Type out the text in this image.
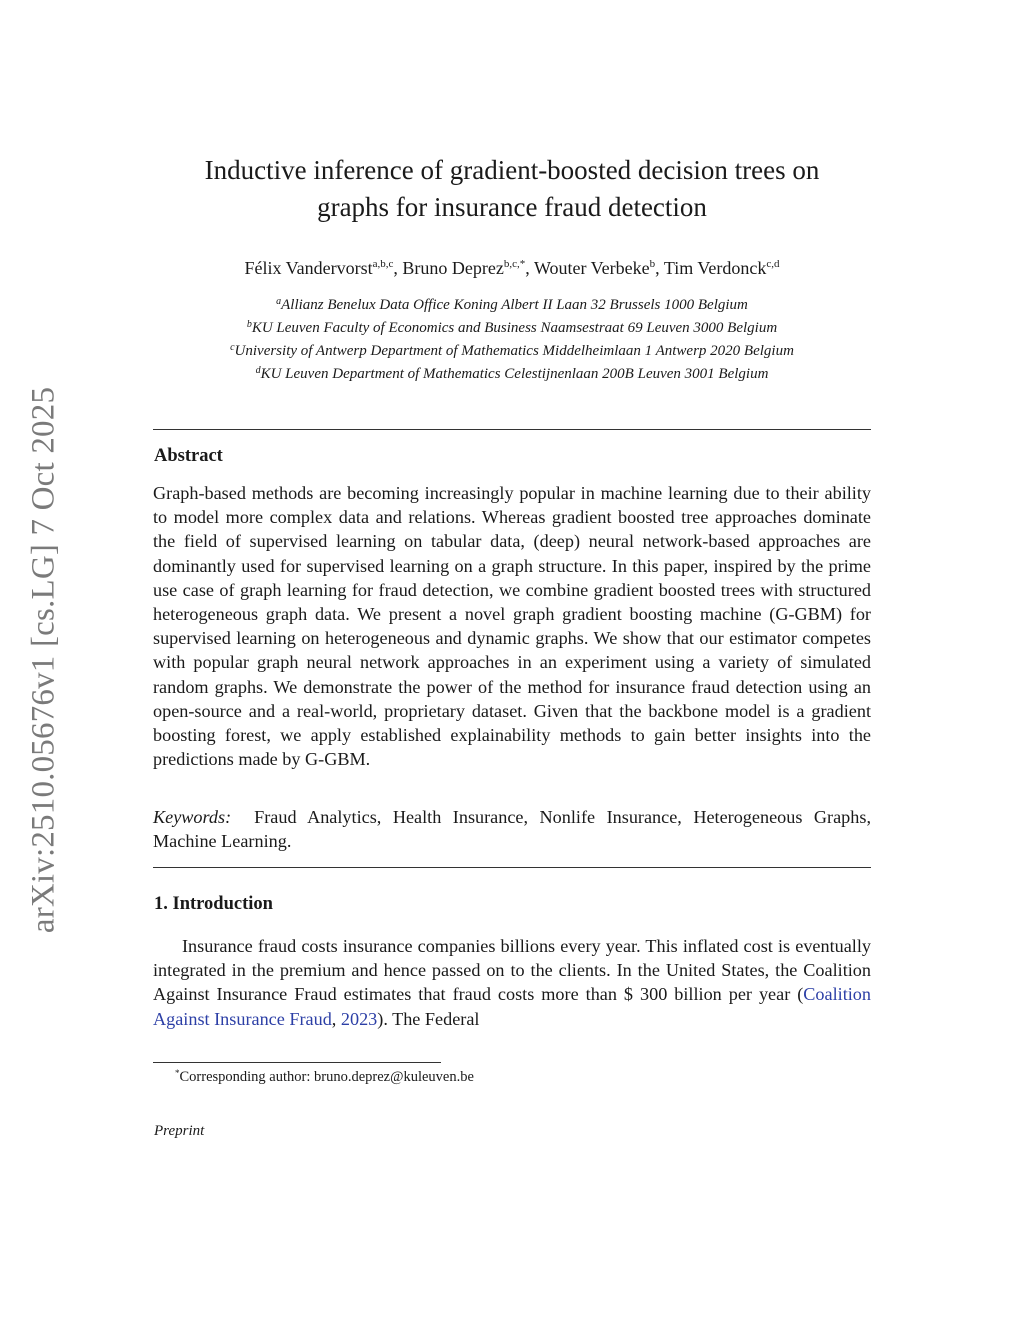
arXiv:2510.05676v1 [cs.LG] 7 Oct 2025
Inductive inference of gradient-boosted decision trees on
graphs for insurance fraud detection
Félix Vandervorst$^{a,b,c}$, Bruno Deprez$^{b,c,*}$, Wouter Verbeke$^b$, Tim Verdonck$^{c,d}$
$^a$Allianz Benelux Data Office Koning Albert II Laan 32 Brussels 1000 Belgium
$^b$KU Leuven Faculty of Economics and Business Naamsestraat 69 Leuven 3000 Belgium
$^c$University of Antwerp Department of Mathematics Middelheimlaan 1 Antwerp 2020 Belgium
$^d$KU Leuven Department of Mathematics Celestijnenlaan 200B Leuven 3001 Belgium
Abstract
Graph-based methods are becoming increasingly popular in machine learning due to their ability to model more complex data and relations. Whereas gradient boosted tree approaches dominate the field of supervised learning on tabular data, (deep) neural network-based approaches are dominantly used for supervised learning on a graph structure. In this paper, inspired by the prime use case of graph learning for fraud detection, we combine gradient boosted trees with structured heterogeneous graph data. We present a novel graph gradient boosting machine (G-GBM) for supervised learning on heterogeneous and dynamic graphs. We show that our estimator competes with popular graph neural network approaches in an experiment using a variety of simulated random graphs. We demonstrate the power of the method for insurance fraud detection using an open-source and a real-world, proprietary dataset. Given that the backbone model is a gradient boosting forest, we apply established explainability methods to gain better insights into the predictions made by G-GBM.
Keywords: Fraud Analytics, Health Insurance, Nonlife Insurance, Heterogeneous Graphs, Machine Learning.
1. Introduction
Insurance fraud costs insurance companies billions every year. This inflated cost is eventually integrated in the premium and hence passed on to the clients. In the United States, the Coalition Against Insurance Fraud estimates that fraud costs more than $ 300 billion per year (Coalition Against Insurance Fraud, 2023). The Federal
*Corresponding author: bruno.deprez@kuleuven.be
Preprint
